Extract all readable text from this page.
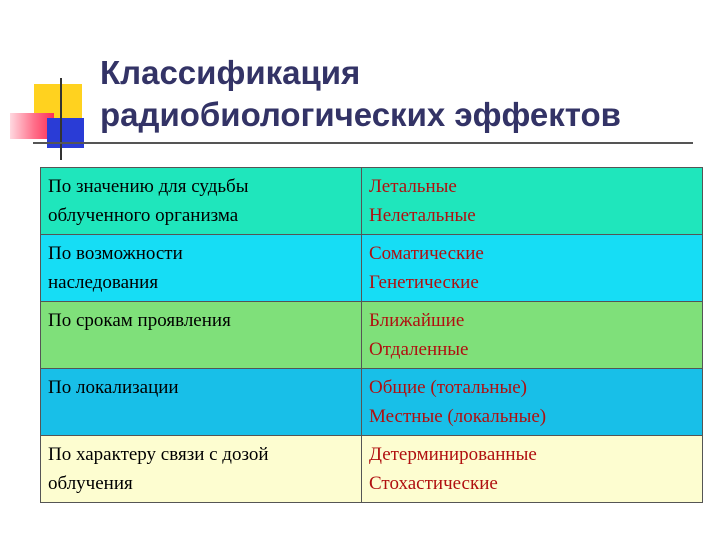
Классификация
радиобиологических эффектов
По значению для судьбы
облученного организма	Летальные
Нелетальные

По возможности
наследования	Соматические
Генетические

По срокам проявления	Ближайшие
Отдаленные

По локализации	Общие (тотальные)
Местные (локальные)

По характеру связи с дозой
облучения	Детерминированные
Стохастические
